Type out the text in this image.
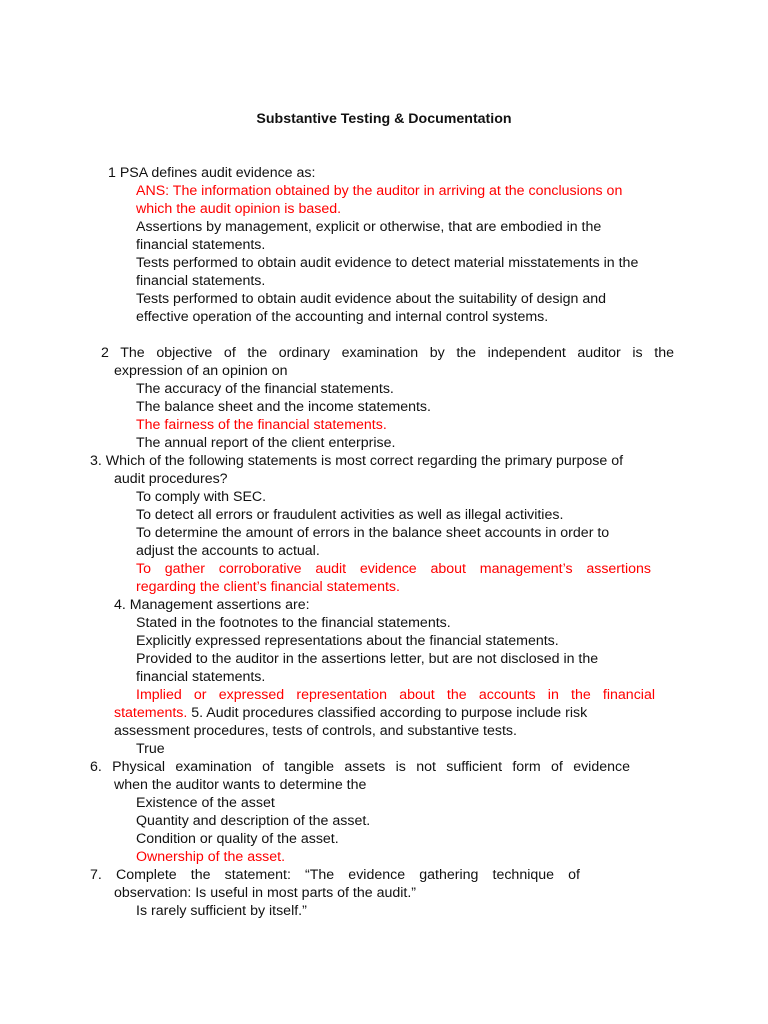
Substantive Testing & Documentation
1 PSA defines audit evidence as:
ANS: The information obtained by the auditor in arriving at the conclusions on
which the audit opinion is based.
Assertions by management, explicit or otherwise, that are embodied in the
financial statements.
Tests performed to obtain audit evidence to detect material misstatements in the
financial statements.
Tests performed to obtain audit evidence about the suitability of design and
effective operation of the accounting and internal control systems.
2 The objective of the ordinary examination by the independent auditor is the
expression of an opinion on
The accuracy of the financial statements.
The balance sheet and the income statements.
The fairness of the financial statements.
The annual report of the client enterprise.
3. Which of the following statements is most correct regarding the primary purpose of
audit procedures?
To comply with SEC.
To detect all errors or fraudulent activities as well as illegal activities.
To determine the amount of errors in the balance sheet accounts in order to
adjust the accounts to actual.
To gather corroborative audit evidence about management’s assertions
regarding the client’s financial statements.
4. Management assertions are:
Stated in the footnotes to the financial statements.
Explicitly expressed representations about the financial statements.
Provided to the auditor in the assertions letter, but are not disclosed in the
financial statements.
Implied or expressed representation about the accounts in the financial
statements. 5. Audit procedures classified according to purpose include risk
assessment procedures, tests of controls, and substantive tests.
True
6. Physical examination of tangible assets is not sufficient form of evidence
when the auditor wants to determine the
Existence of the asset
Quantity and description of the asset.
Condition or quality of the asset.
Ownership of the asset.
7. Complete the statement: “The evidence gathering technique of
observation: Is useful in most parts of the audit.”
Is rarely sufficient by itself.”
